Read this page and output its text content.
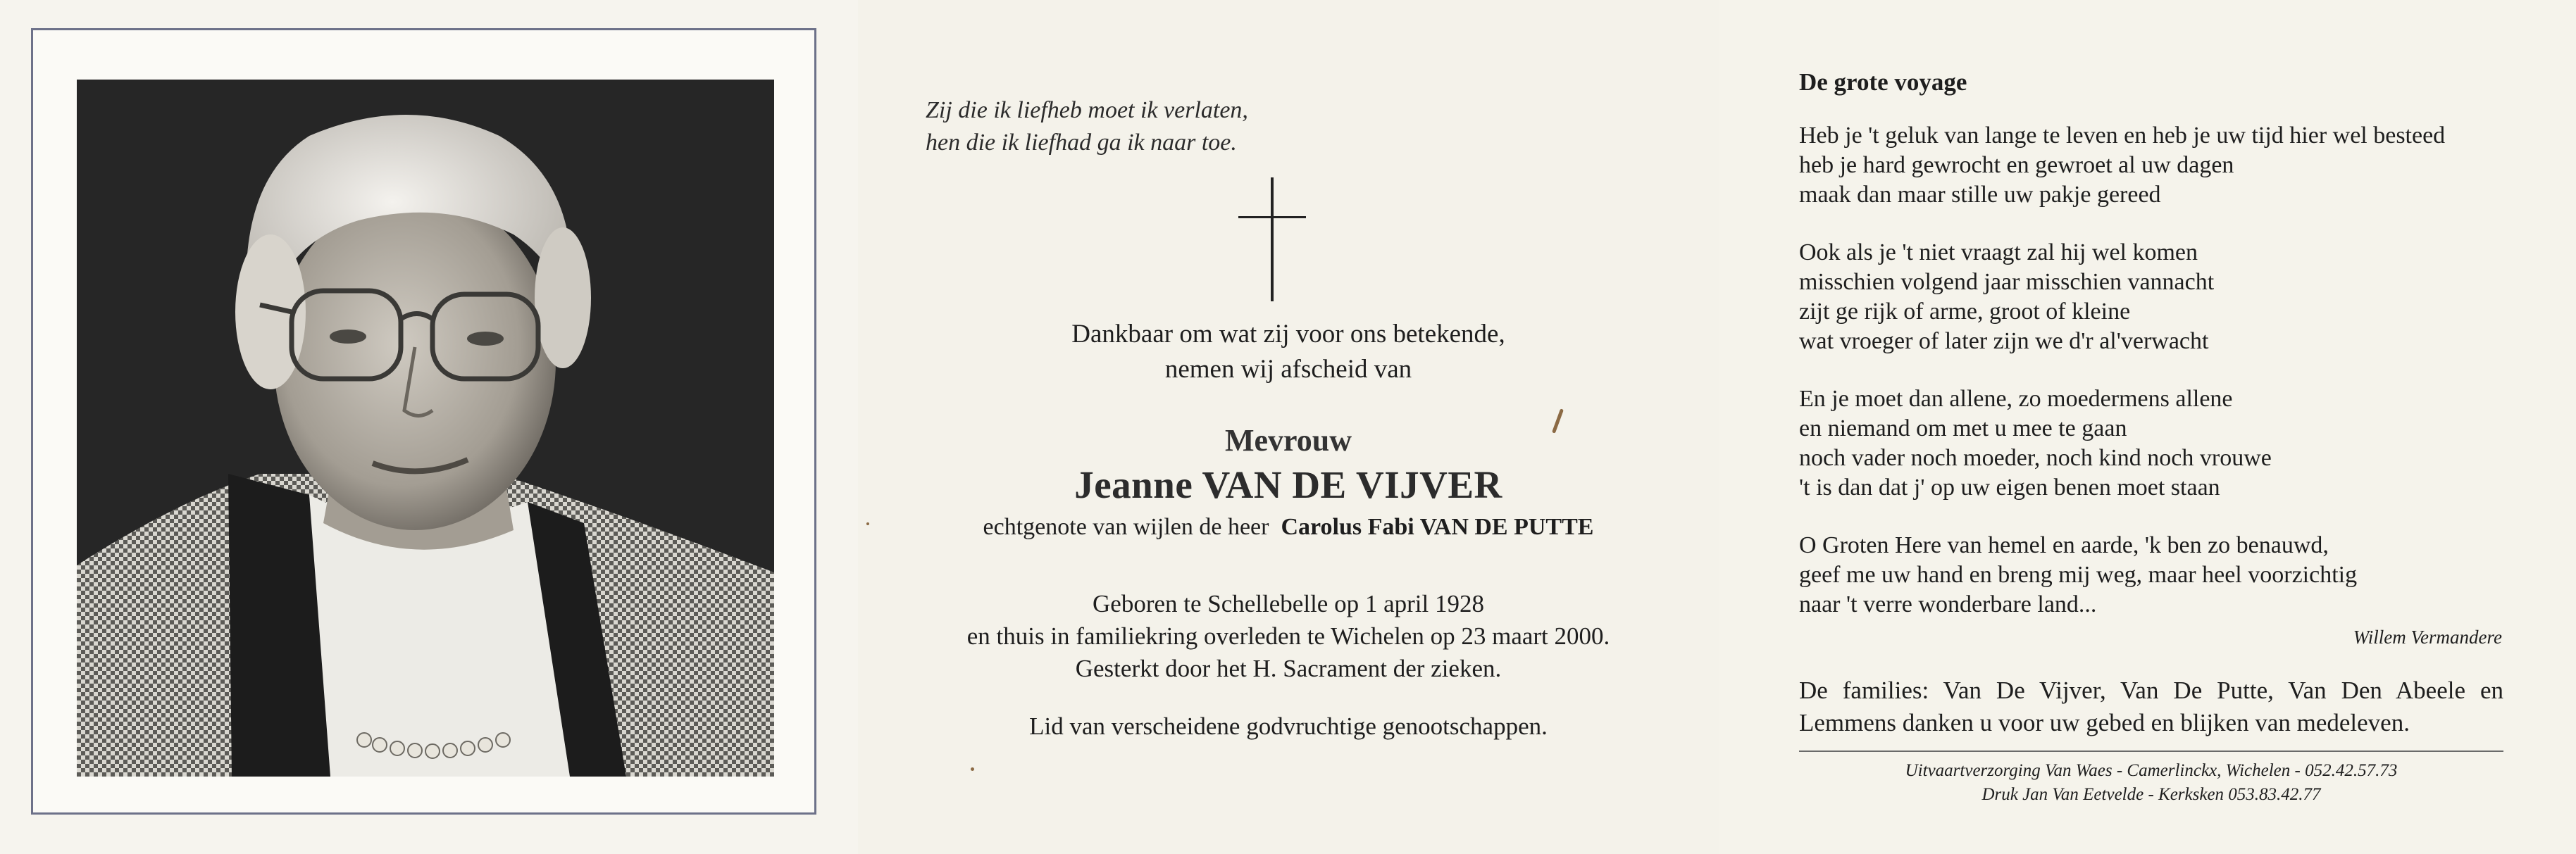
Zij die ik liefheb moet ik verlaten,
hen die ik liefhad ga ik naar toe.
Dankbaar om wat zij voor ons betekende,
nemen wij afscheid van
Mevrouw
Jeanne VAN DE VIJVER
echtgenote van wijlen de heer Carolus Fabi VAN DE PUTTE
Geboren te Schellebelle op 1 april 1928
en thuis in familiekring overleden te Wichelen op 23 maart 2000.
Gesterkt door het H. Sacrament der zieken.
Lid van verscheidene godvruchtige genootschappen.
De grote voyage
Heb je 't geluk van lange te leven en heb je uw tijd hier wel besteed
heb je hard gewrocht en gewroet al uw dagen
maak dan maar stille uw pakje gereed
Ook als je 't niet vraagt zal hij wel komen
misschien volgend jaar misschien vannacht
zijt ge rijk of arme, groot of kleine
wat vroeger of later zijn we d'r al'verwacht
En je moet dan allene, zo moedermens allene
en niemand om met u mee te gaan
noch vader noch moeder, noch kind noch vrouwe
't is dan dat j' op uw eigen benen moet staan
O Groten Here van hemel en aarde, 'k ben zo benauwd,
geef me uw hand en breng mij weg, maar heel voorzichtig
naar 't verre wonderbare land...
Willem Vermandere
De families: Van De Vijver, Van De Putte, Van Den Abeele en Lemmens danken u voor uw gebed en blijken van medeleven.
Uitvaartverzorging Van Waes - Camerlinckx, Wichelen - 052.42.57.73
Druk Jan Van Eetvelde - Kerksken 053.83.42.77
